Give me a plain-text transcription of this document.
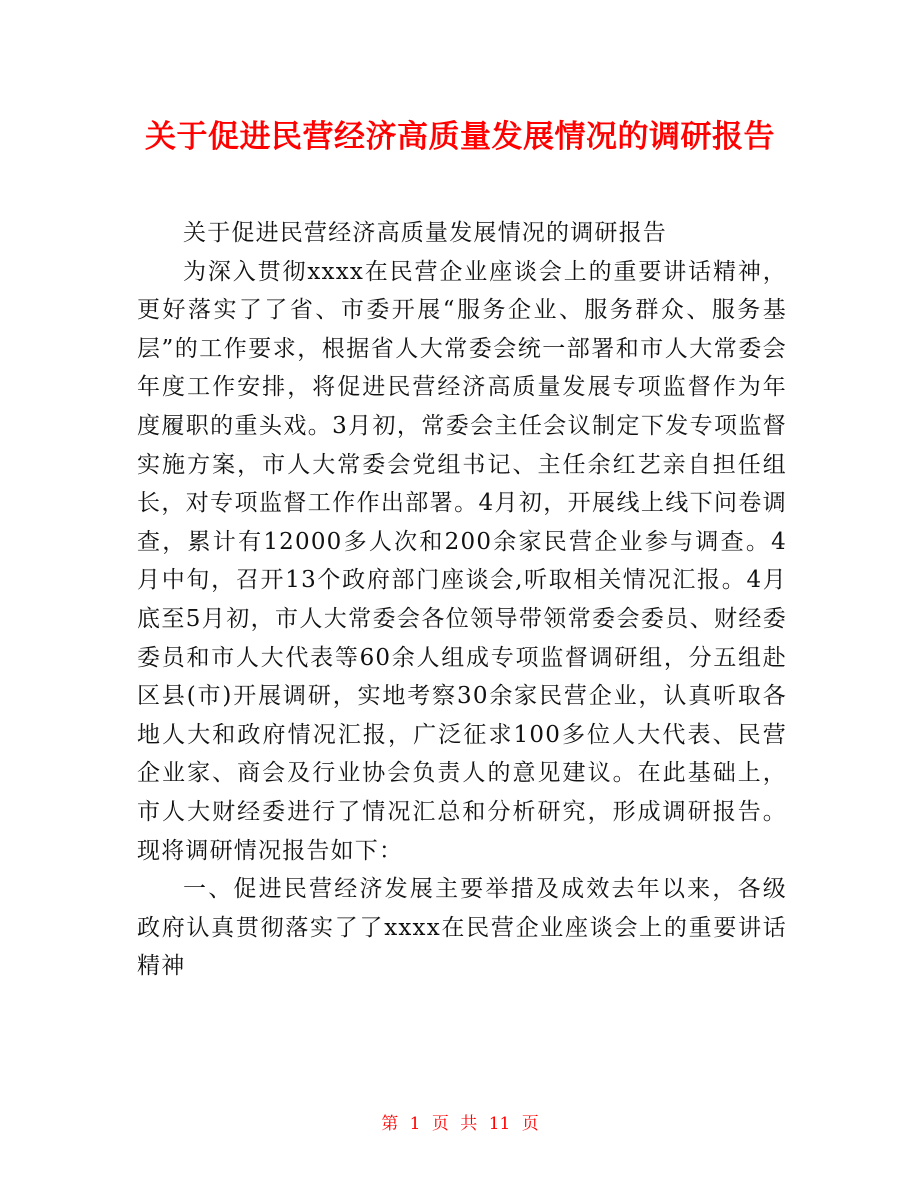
关于促进民营经济高质量发展情况的调研报告

关于促进民营经济高质量发展情况的调研报告

为深入贯彻xxxx在民营企业座谈会上的重要讲话精神，更好落实了了省、市委开展“服务企业、服务群众、服务基层”的工作要求，根据省人大常委会统一部署和市人大常委会年度工作安排，将促进民营经济高质量发展专项监督作为年度履职的重头戏。3月初，常委会主任会议制定下发专项监督实施方案，市人大常委会党组书记、主任余红艺亲自担任组长，对专项监督工作作出部署。4月初，开展线上线下问卷调查，累计有12000多人次和200余家民营企业参与调查。4月中旬，召开13个政府部门座谈会,听取相关情况汇报。4月底至5月初，市人大常委会各位领导带领常委会委员、财经委委员和市人大代表等60余人组成专项监督调研组，分五组赴区县(市)开展调研，实地考察30余家民营企业，认真听取各地人大和政府情况汇报，广泛征求100多位人大代表、民营企业家、商会及行业协会负责人的意见建议。在此基础上，市人大财经委进行了情况汇总和分析研究，形成调研报告。现将调研情况报告如下：

一、促进民营经济发展主要举措及成效去年以来，各级政府认真贯彻落实了了xxxx在民营企业座谈会上的重要讲话精神

第 1 页 共 11 页
